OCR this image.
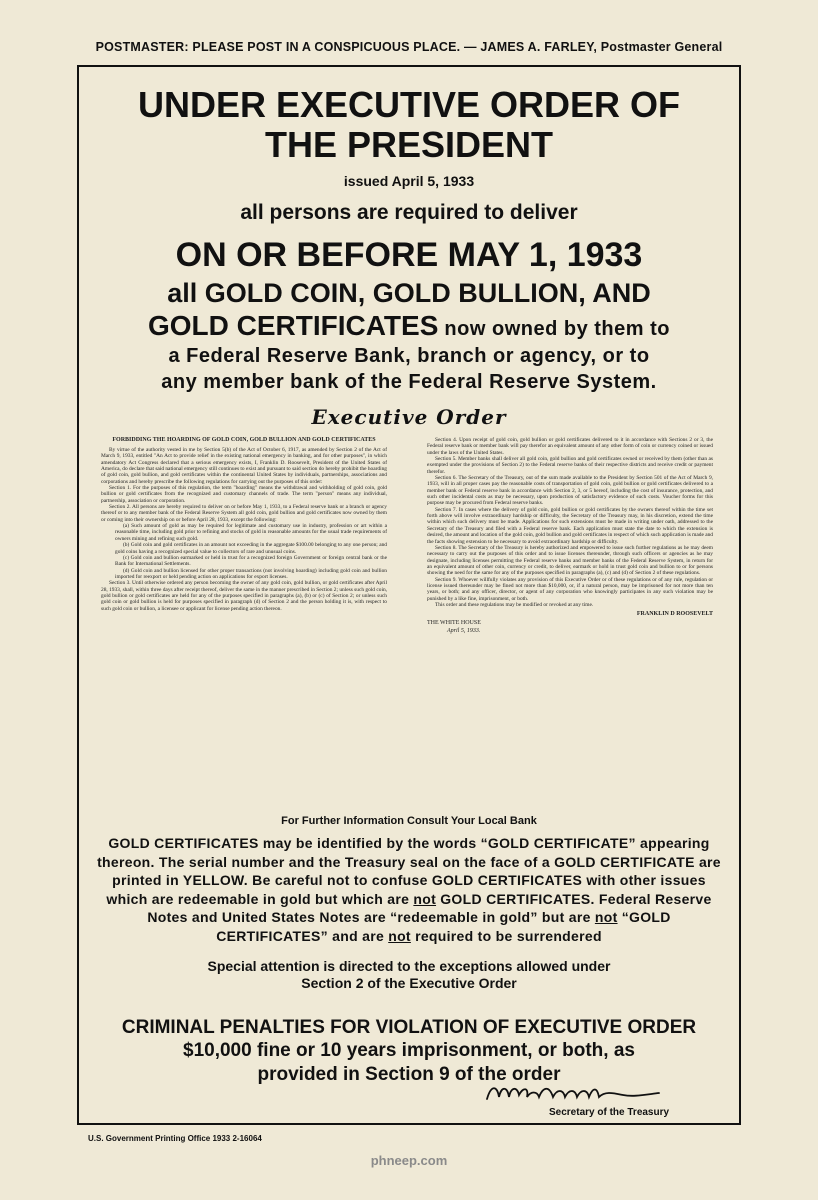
POSTMASTER: PLEASE POST IN A CONSPICUOUS PLACE. — JAMES A. FARLEY, Postmaster General
UNDER EXECUTIVE ORDER OF
THE PRESIDENT
issued April 5, 1933
all persons are required to deliver
ON OR BEFORE MAY 1, 1933
all GOLD COIN, GOLD BULLION, AND
GOLD CERTIFICATES now owned by them to
a Federal Reserve Bank, branch or agency, or to
any member bank of the Federal Reserve System.
Executive Order

FORBIDDING THE HOARDING OF GOLD COIN, GOLD BULLION AND GOLD CERTIFICATES

By virtue of the authority vested in me by Section 5(b) of the Act of October 6, 1917, as amended by Section 2 of the Act of March 9, 1933, entitled "An Act to provide relief in the existing national emergency in banking, and for other purposes", in which amendatory Act Congress declared that a serious emergency exists, I, Franklin D. Roosevelt, President of the United States of America, do declare that said national emergency still continues to exist and pursuant to said section do hereby prohibit the hoarding of gold coin, gold bullion, and gold certificates within the continental United States by individuals, partnerships, associations and corporations and hereby prescribe the following regulations for carrying out the purposes of this order:

Section 1. For the purposes of this regulation, the term "hoarding" means the withdrawal and withholding of gold coin, gold bullion or gold certificates from the recognized and customary channels of trade. The term "person" means any individual, partnership, association or corporation.

Section 2. All persons are hereby required to deliver on or before May 1, 1933, to a Federal reserve bank or a branch or agency thereof or to any member bank of the Federal Reserve System all gold coin, gold bullion and gold certificates now owned by them or coming into their ownership on or before April 28, 1933, except the following:

(a) Such amount of gold as may be required for legitimate and customary use in industry, profession or art within a reasonable time, including gold prior to refining and stocks of gold in reasonable amounts for the usual trade requirements of owners mining and refining such gold.

(b) Gold coin and gold certificates in an amount not exceeding in the aggregate $100.00 belonging to any one person; and gold coins having a recognized special value to collectors of rare and unusual coins.

(c) Gold coin and bullion earmarked or held in trust for a recognized foreign Government or foreign central bank or the Bank for International Settlements.

(d) Gold coin and bullion licensed for other proper transactions (not involving hoarding) including gold coin and bullion imported for reexport or held pending action on applications for export licenses.

Section 3. Until otherwise ordered any person becoming the owner of any gold coin, gold bullion, or gold certificates after April 28, 1933, shall, within three days after receipt thereof, deliver the same in the manner prescribed in Section 2; unless such gold coin, gold bullion or gold certificates are held for any of the purposes specified in paragraphs (a), (b) or (c) of Section 2; or unless such gold coin or gold bullion is held for purposes specified in paragraph (d) of Section 2 and the person holding it is, with respect to such gold coin or bullion, a licensee or applicant for license pending action thereon.

Section 4. Upon receipt of gold coin, gold bullion or gold certificates delivered to it in accordance with Sections 2 or 3, the Federal reserve bank or member bank will pay therefor an equivalent amount of any other form of coin or currency coined or issued under the laws of the United States.

Section 5. Member banks shall deliver all gold coin, gold bullion and gold certificates owned or received by them (other than as exempted under the provisions of Section 2) to the Federal reserve banks of their respective districts and receive credit or payment therefor.

Section 6. The Secretary of the Treasury, out of the sum made available to the President by Section 501 of the Act of March 9, 1933, will in all proper cases pay the reasonable costs of transportation of gold coin, gold bullion or gold certificates delivered to a member bank or Federal reserve bank in accordance with Section 2, 3, or 5 hereof, including the cost of insurance, protection, and such other incidental costs as may be necessary, upon production of satisfactory evidence of such costs. Voucher forms for this purpose may be procured from Federal reserve banks.

Section 7. In cases where the delivery of gold coin, gold bullion or gold certificates by the owners thereof within the time set forth above will involve extraordinary hardship or difficulty, the Secretary of the Treasury may, in his discretion, extend the time within which such delivery must be made. Applications for such extensions must be made in writing under oath, addressed to the Secretary of the Treasury and filed with a Federal reserve bank. Each application must state the date to which the extension is desired, the amount and location of the gold coin, gold bullion and gold certificates in respect of which such application is made and the facts showing extension to be necessary to avoid extraordinary hardship or difficulty.

Section 8. The Secretary of the Treasury is hereby authorized and empowered to issue such further regulations as he may deem necessary to carry out the purposes of this order and to issue licenses thereunder, through such officers or agencies as he may designate, including licenses permitting the Federal reserve banks and member banks of the Federal Reserve System, in return for an equivalent amount of other coin, currency or credit, to deliver, earmark or hold in trust gold coin and bullion to or for persons showing the need for the same for any of the purposes specified in paragraphs (a), (c) and (d) of Section 2 of these regulations.

Section 9. Whoever willfully violates any provision of this Executive Order or of these regulations or of any rule, regulation or license issued thereunder may be fined not more than $10,000, or, if a natural person, may be imprisoned for not more than ten years, or both; and any officer, director, or agent of any corporation who knowingly participates in any such violation may be punished by a like fine, imprisonment, or both.

This order and these regulations may be modified or revoked at any time.

FRANKLIN D ROOSEVELT
THE WHITE HOUSE
April 5, 1933.
For Further Information Consult Your Local Bank
GOLD CERTIFICATES may be identified by the words “GOLD CERTIFICATE” appearing thereon. The serial number and the Treasury seal on the face of a GOLD CERTIFICATE are printed in YELLOW. Be careful not to confuse GOLD CERTIFICATES with other issues which are redeemable in gold but which are not GOLD CERTIFICATES. Federal Reserve Notes and United States Notes are “redeemable in gold” but are not “GOLD CERTIFICATES” and are not required to be surrendered
Special attention is directed to the exceptions allowed under
Section 2 of the Executive Order
CRIMINAL PENALTIES FOR VIOLATION OF EXECUTIVE ORDER
$10,000 fine or 10 years imprisonment, or both, as
provided in Section 9 of the order
Secretary of the Treasury
U.S. Government Printing Office 1933 2-16064
phneep.com
